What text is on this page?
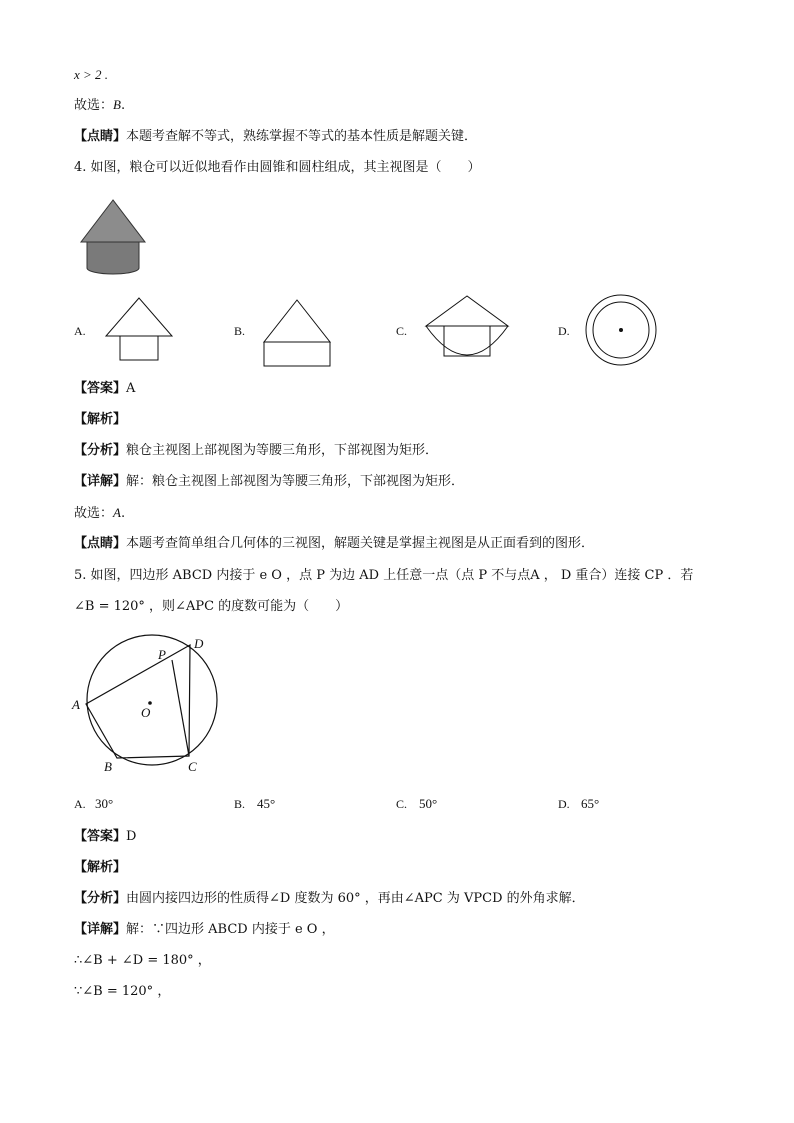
x > 2 .
故选：B.
【点睛】本题考查解不等式，熟练掌握不等式的基本性质是解题关键．
4. 如图，粮仓可以近似地看作由圆锥和圆柱组成，其主视图是（　　）
A.	B.	C.	D.
【答案】A
【解析】
【分析】粮仓主视图上部视图为等腰三角形，下部视图为矩形．
【详解】解：粮仓主视图上部视图为等腰三角形，下部视图为矩形．
故选：A.
【点睛】本题考查简单组合几何体的三视图，解题关键是掌握主视图是从正面看到的图形．
5. 如图，四边形 ABCD 内接于 e O ，点 P 为边 AD 上任意一点（点 P 不与点A ， D 重合）连接 CP ．若
∠B = 120° ，则∠APC 的度数可能为（　　）
A
B	C
D
P
O
A. 30°	B. 45°	C. 50°	D. 65°
【答案】D
【解析】
【分析】由圆内接四边形的性质得∠D 度数为 60° ，再由∠APC 为 VPCD 的外角求解．
【详解】解：∵四边形 ABCD 内接于 e O ，
∴∠B + ∠D = 180° ，
∵∠B = 120° ，
